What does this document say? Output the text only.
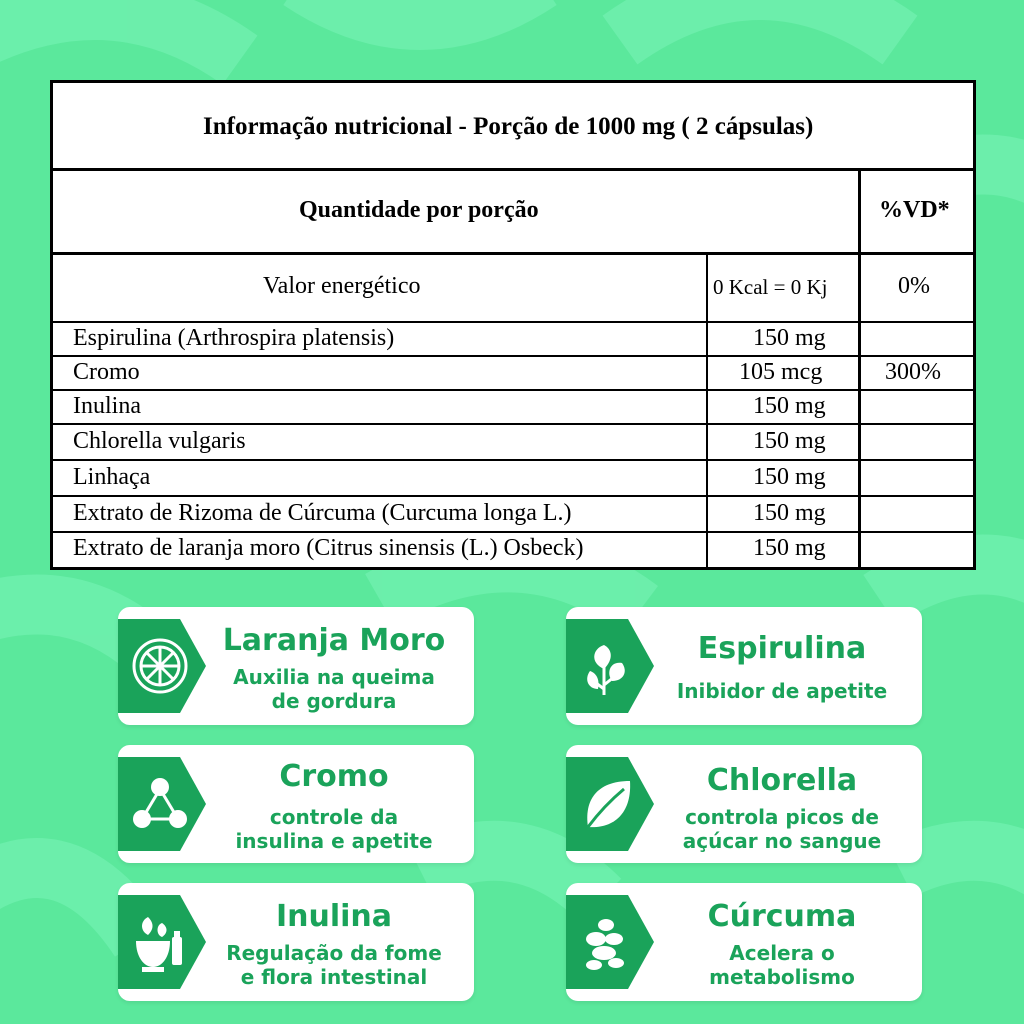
Informação nutricional - Porção de 1000 mg ( 2 cápsulas)
Quantidade por porção	%VD*
Valor energético	0 Kcal = 0 Kj	0%
Espirulina (Arthrospira platensis)	150 mg
Cromo	105 mcg	300%
Inulina	150 mg
Chlorella vulgaris	150 mg
Linhaça	150 mg
Extrato de Rizoma de Cúrcuma (Curcuma longa L.)	150 mg
Extrato de laranja moro (Citrus sinensis (L.) Osbeck)	150 mg
Laranja Moro
Auxilia na queima
de gordura
Espirulina
Inibidor de apetite
Cromo
controle da
insulina e apetite
Chlorella
controla picos de
açúcar no sangue
Inulina
Regulação da fome
e flora intestinal
Cúrcuma
Acelera o
metabolismo
